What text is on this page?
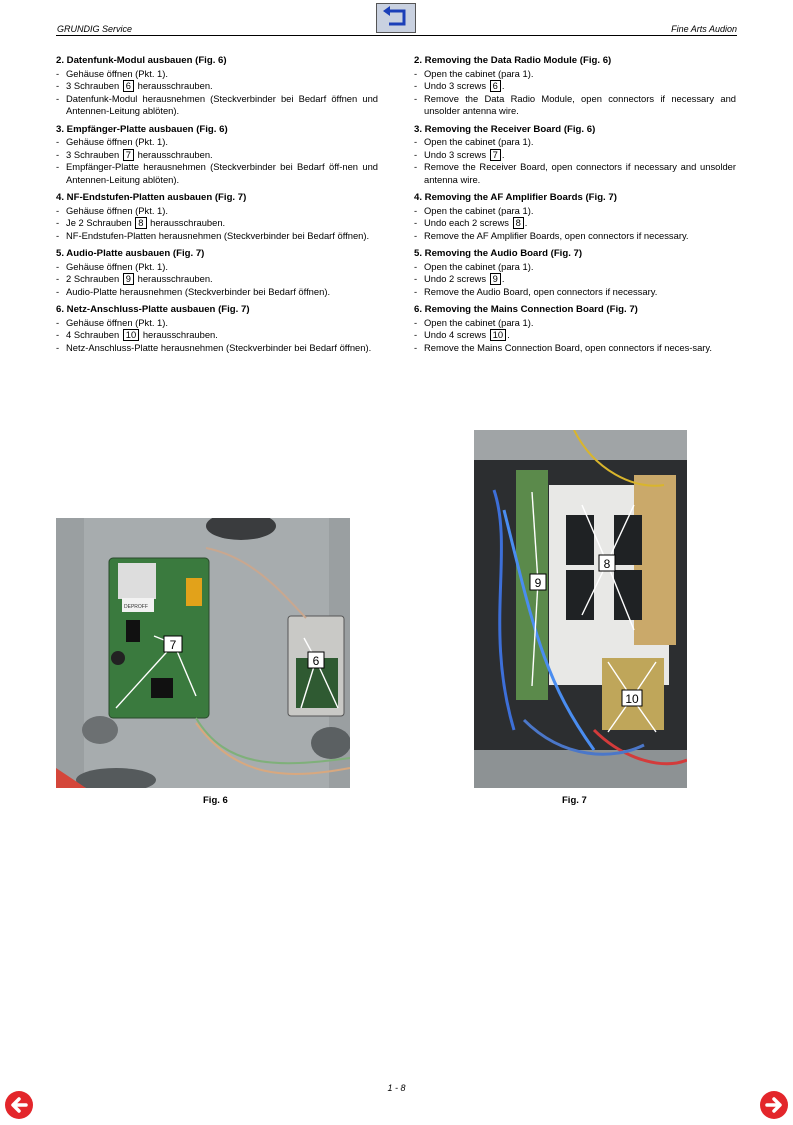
GRUNDIG Service	Fine Arts Audion
2. Datenfunk-Modul ausbauen (Fig. 6)
- Gehäuse öffnen (Pkt. 1).
- 3 Schrauben 6 herausschrauben.
- Datenfunk-Modul herausnehmen (Steckverbinder bei Bedarf öffnen und Antennen-Leitung ablöten).
3. Empfänger-Platte ausbauen (Fig. 6)
- Gehäuse öffnen (Pkt. 1).
- 3 Schrauben 7 herausschrauben.
- Empfänger-Platte herausnehmen (Steckverbinder bei Bedarf öff-nen und Antennen-Leitung ablöten).
4. NF-Endstufen-Platten ausbauen (Fig. 7)
- Gehäuse öffnen (Pkt. 1).
- Je 2 Schrauben 8 herausschrauben.
- NF-Endstufen-Platten herausnehmen (Steckverbinder bei Bedarf öffnen).
5. Audio-Platte ausbauen (Fig. 7)
- Gehäuse öffnen (Pkt. 1).
- 2 Schrauben 9 herausschrauben.
- Audio-Platte herausnehmen (Steckverbinder bei Bedarf öffnen).
6. Netz-Anschluss-Platte ausbauen (Fig. 7)
- Gehäuse öffnen (Pkt. 1).
- 4 Schrauben 10 herausschrauben.
- Netz-Anschluss-Platte herausnehmen (Steckverbinder bei Bedarf öffnen).
2. Removing the Data Radio Module (Fig. 6)
- Open the cabinet (para 1).
- Undo 3 screws 6 .
- Remove the Data Radio Module, open connectors if necessary and unsolder antenna wire.
3. Removing the Receiver Board (Fig. 6)
- Open the cabinet (para 1).
- Undo 3 screws 7 .
- Remove the Receiver Board, open connectors if necessary and unsolder antenna wire.
4. Removing the AF Amplifier Boards (Fig. 7)
- Open the cabinet (para 1).
- Undo each 2 screws 8 .
- Remove the AF Amplifier Boards, open connectors if necessary.
5. Removing the Audio Board (Fig. 7)
- Open the cabinet (para 1).
- Undo 2 screws 9 .
- Remove the Audio Board, open connectors if necessary.
6. Removing the Mains Connection Board (Fig. 7)
- Open the cabinet (para 1).
- Undo 4 screws 10 .
- Remove the Mains Connection Board, open connectors if neces-sary.
DEPROFF
7
6
Fig. 6
9
8
10
Fig. 7
1 - 8
